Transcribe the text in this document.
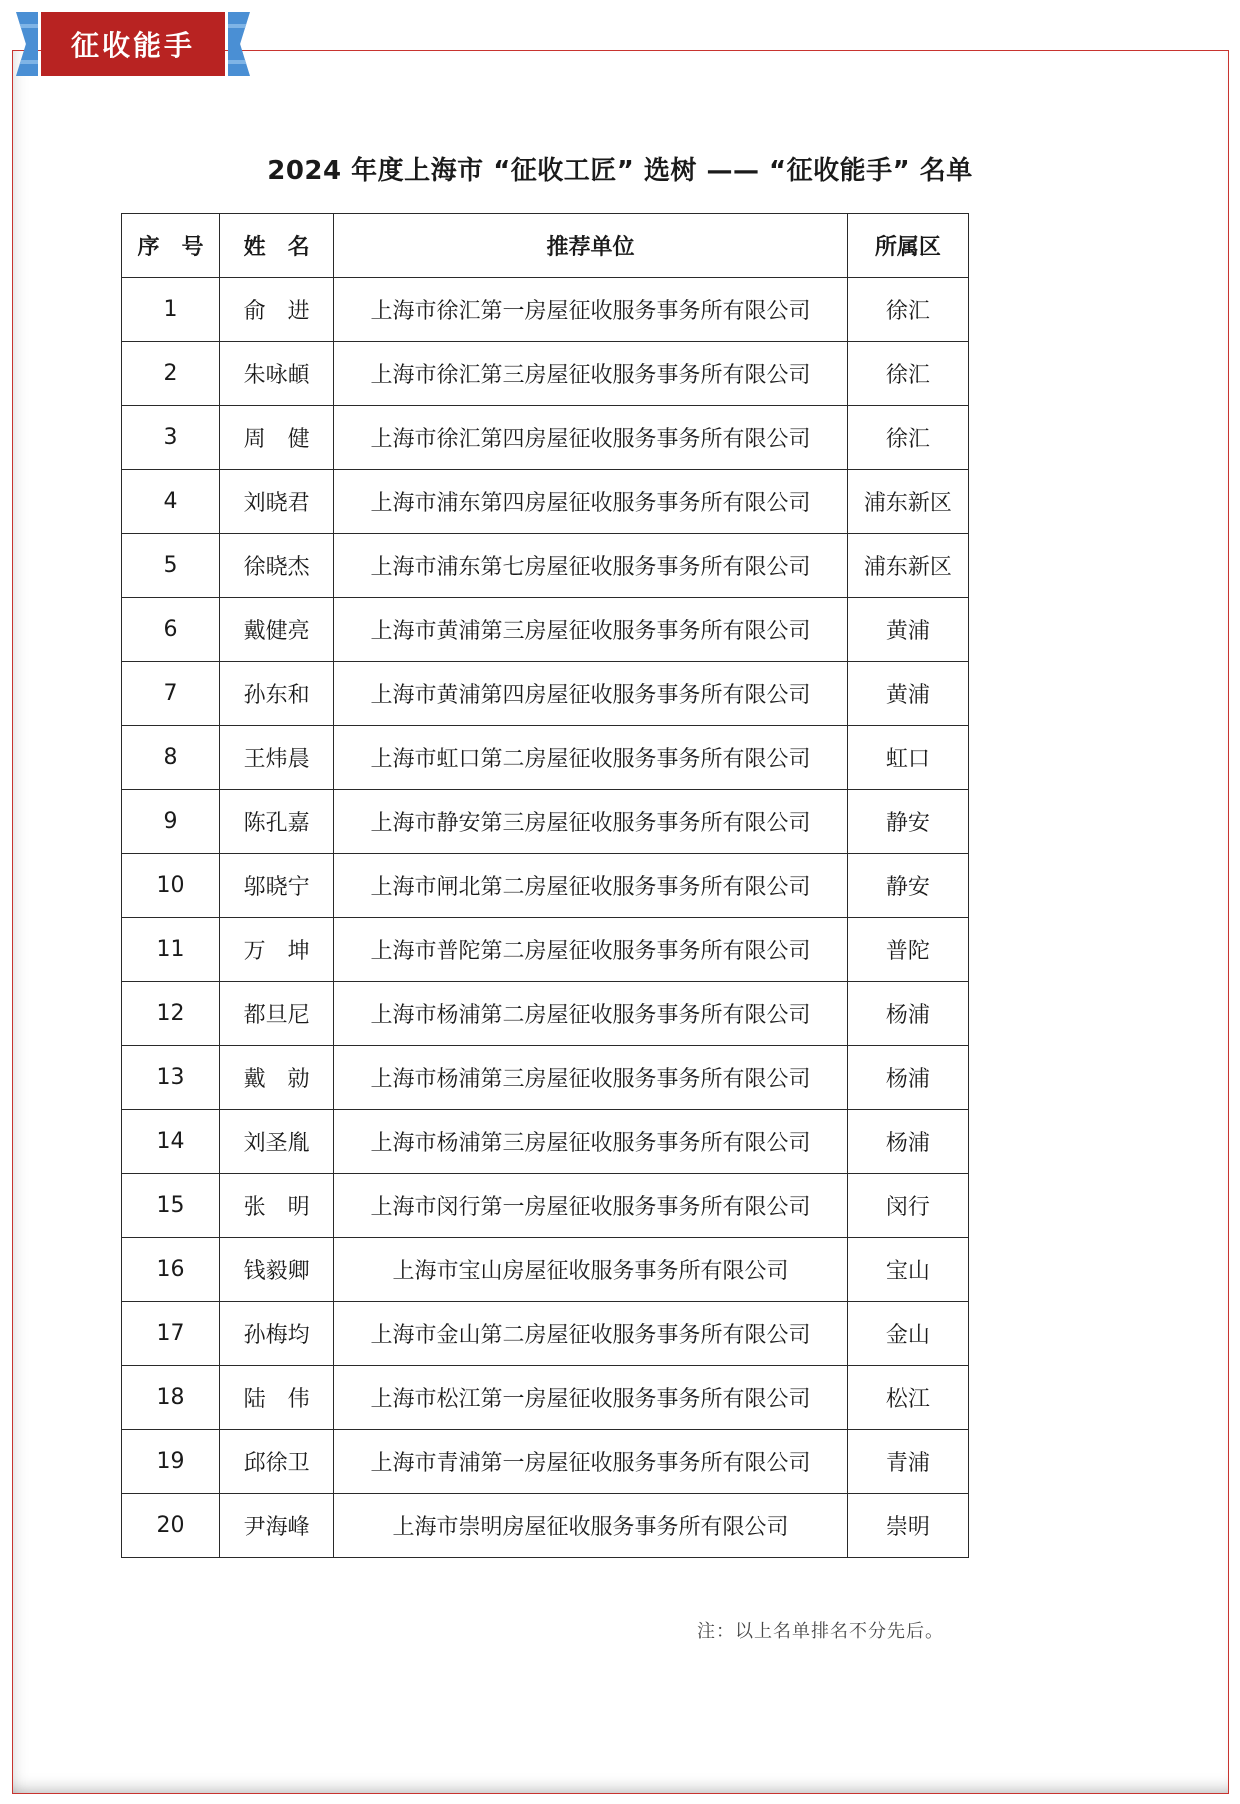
征收能手
2024 年度上海市 “征收工匠” 选树 —— “征收能手” 名单
序　号	姓　名	推荐单位	所属区
1	俞　进	上海市徐汇第一房屋征收服务事务所有限公司	徐汇
2	朱咏頔	上海市徐汇第三房屋征收服务事务所有限公司	徐汇
3	周　健	上海市徐汇第四房屋征收服务事务所有限公司	徐汇
4	刘晓君	上海市浦东第四房屋征收服务事务所有限公司	浦东新区
5	徐晓杰	上海市浦东第七房屋征收服务事务所有限公司	浦东新区
6	戴健亮	上海市黄浦第三房屋征收服务事务所有限公司	黄浦
7	孙东和	上海市黄浦第四房屋征收服务事务所有限公司	黄浦
8	王炜晨	上海市虹口第二房屋征收服务事务所有限公司	虹口
9	陈孔嘉	上海市静安第三房屋征收服务事务所有限公司	静安
10	邬晓宁	上海市闸北第二房屋征收服务事务所有限公司	静安
11	万　坤	上海市普陀第二房屋征收服务事务所有限公司	普陀
12	都旦尼	上海市杨浦第二房屋征收服务事务所有限公司	杨浦
13	戴　勍	上海市杨浦第三房屋征收服务事务所有限公司	杨浦
14	刘圣胤	上海市杨浦第三房屋征收服务事务所有限公司	杨浦
15	张　明	上海市闵行第一房屋征收服务事务所有限公司	闵行
16	钱毅卿	上海市宝山房屋征收服务事务所有限公司	宝山
17	孙梅均	上海市金山第二房屋征收服务事务所有限公司	金山
18	陆　伟	上海市松江第一房屋征收服务事务所有限公司	松江
19	邱徐卫	上海市青浦第一房屋征收服务事务所有限公司	青浦
20	尹海峰	上海市崇明房屋征收服务事务所有限公司	崇明
注：以上名单排名不分先后。
